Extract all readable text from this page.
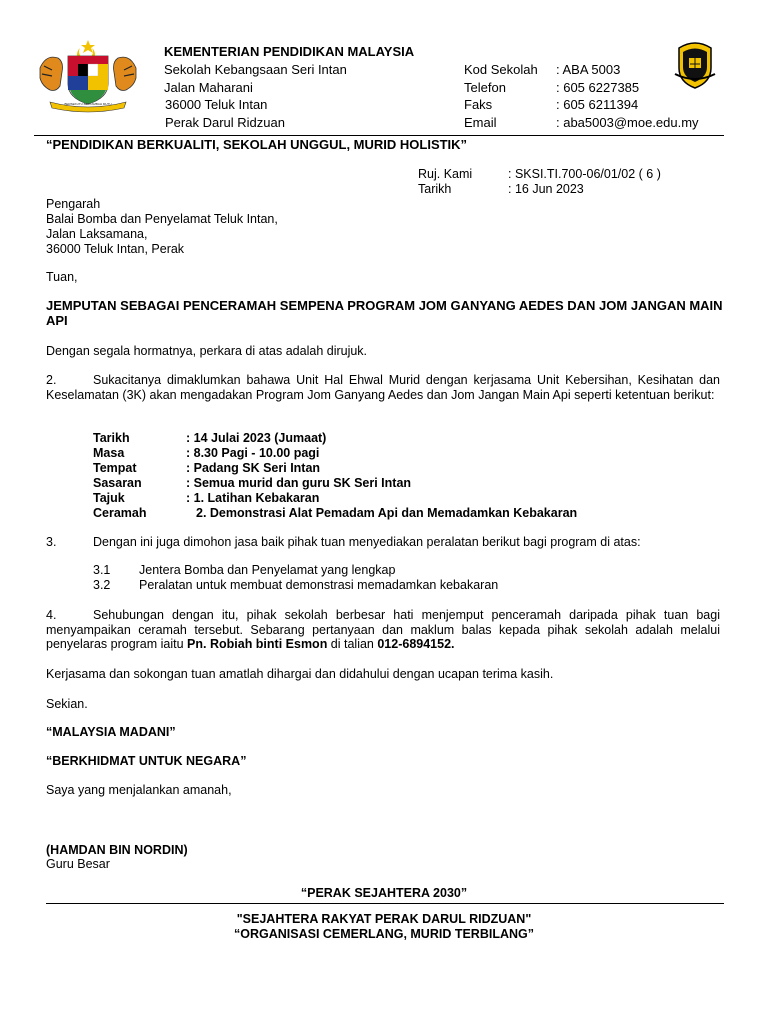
BERSEKUTU BERTAMBAH MUTU
KEMENTERIAN PENDIDIKAN MALAYSIA
Sekolah Kebangsaan Seri Intan
Jalan Maharani
36000 Teluk Intan
Perak Darul Ridzuan
Kod Sekolah : ABA 5003
Telefon	: 605 6227385
Faks	: 605 6211394
Email	: aba5003@moe.edu.my
“PENDIDIKAN BERKUALITI, SEKOLAH UNGGUL, MURID HOLISTIK”
Ruj. Kami	: SKSI.TI.700-06/01/02 ( 6 )
Tarikh	: 16 Jun 2023
Pengarah
Balai Bomba dan Penyelamat Teluk Intan,
Jalan Laksamana,
36000 Teluk Intan, Perak
Tuan,
JEMPUTAN SEBAGAI PENCERAMAH SEMPENA PROGRAM JOM GANYANG AEDES DAN JOM JANGAN MAIN API
Dengan segala hormatnya, perkara di atas adalah dirujuk.
2.	Sukacitanya dimaklumkan bahawa Unit Hal Ehwal Murid dengan kerjasama Unit Kebersihan, Kesihatan dan Keselamatan (3K) akan mengadakan Program Jom Ganyang Aedes dan Jom Jangan Main Api seperti ketentuan berikut:
Tarikh	: 14 Julai 2023 (Jumaat)
Masa	: 8.30 Pagi - 10.00 pagi
Tempat	: Padang SK Seri Intan
Sasaran	: Semua murid dan guru SK Seri Intan
Tajuk	: 1. Latihan Kebakaran
Ceramah	2. Demonstrasi Alat Pemadam Api dan Memadamkan Kebakaran
3.	Dengan ini juga dimohon jasa baik pihak tuan menyediakan peralatan berikut bagi program di atas:
3.1 Jentera Bomba dan Penyelamat yang lengkap
3.2 Peralatan untuk membuat demonstrasi memadamkan kebakaran
4.	Sehubungan dengan itu, pihak sekolah berbesar hati menjemput penceramah daripada pihak tuan bagi menyampaikan ceramah tersebut. Sebarang pertanyaan dan maklum balas kepada pihak sekolah adalah melalui penyelaras program iaitu Pn. Robiah binti Esmon di talian 012-6894152.
Kerjasama dan sokongan tuan amatlah dihargai dan didahului dengan ucapan terima kasih.
Sekian.
“MALAYSIA MADANI”
“BERKHIDMAT UNTUK NEGARA”
Saya yang menjalankan amanah,
(HAMDAN BIN NORDIN)
Guru Besar
“PERAK SEJAHTERA 2030”
"SEJAHTERA RAKYAT PERAK DARUL RIDZUAN"
“ORGANISASI CEMERLANG, MURID TERBILANG”
